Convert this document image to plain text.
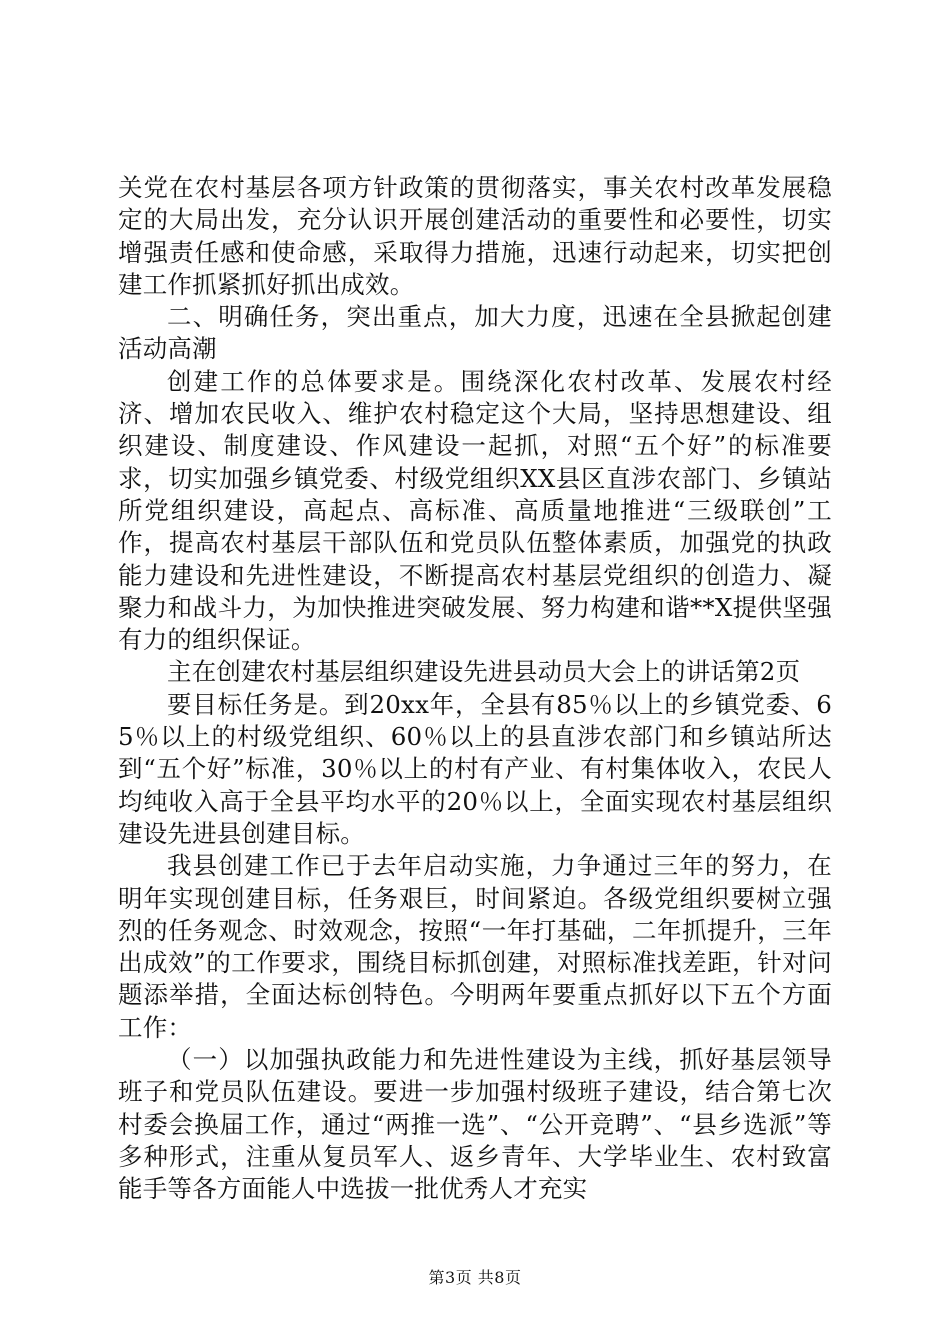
关党在农村基层各项方针政策的贯彻落实，事关农村改革发展稳定的大局出发，充分认识开展创建活动的重要性和必要性，切实增强责任感和使命感，采取得力措施，迅速行动起来，切实把创建工作抓紧抓好抓出成效。

二、明确任务，突出重点，加大力度，迅速在全县掀起创建活动高潮

创建工作的总体要求是。围绕深化农村改革、发展农村经济、增加农民收入、维护农村稳定这个大局，坚持思想建设、组织建设、制度建设、作风建设一起抓，对照“五个好”的标准要求，切实加强乡镇党委、村级党组织XX县区直涉农部门、乡镇站所党组织建设，高起点、高标准、高质量地推进“三级联创”工作，提高农村基层干部队伍和党员队伍整体素质，加强党的执政能力建设和先进性建设，不断提高农村基层党组织的创造力、凝聚力和战斗力，为加快推进突破发展、努力构建和谐**X提供坚强有力的组织保证。

主在创建农村基层组织建设先进县动员大会上的讲话第2页

要目标任务是。到20xx年，全县有85％以上的乡镇党委、65％以上的村级党组织、60％以上的县直涉农部门和乡镇站所达到“五个好”标准，30％以上的村有产业、有村集体收入，农民人均纯收入高于全县平均水平的20％以上，全面实现农村基层组织建设先进县创建目标。

我县创建工作已于去年启动实施，力争通过三年的努力，在明年实现创建目标，任务艰巨，时间紧迫。各级党组织要树立强烈的任务观念、时效观念，按照“一年打基础，二年抓提升，三年出成效”的工作要求，围绕目标抓创建，对照标准找差距，针对问题添举措，全面达标创特色。今明两年要重点抓好以下五个方面工作：

（一）以加强执政能力和先进性建设为主线，抓好基层领导班子和党员队伍建设。要进一步加强村级班子建设，结合第七次村委会换届工作，通过“两推一选”、“公开竞聘”、“县乡选派”等多种形式，注重从复员军人、返乡青年、大学毕业生、农村致富能手等各方面能人中选拔一批优秀人才充实

第3页 共8页
